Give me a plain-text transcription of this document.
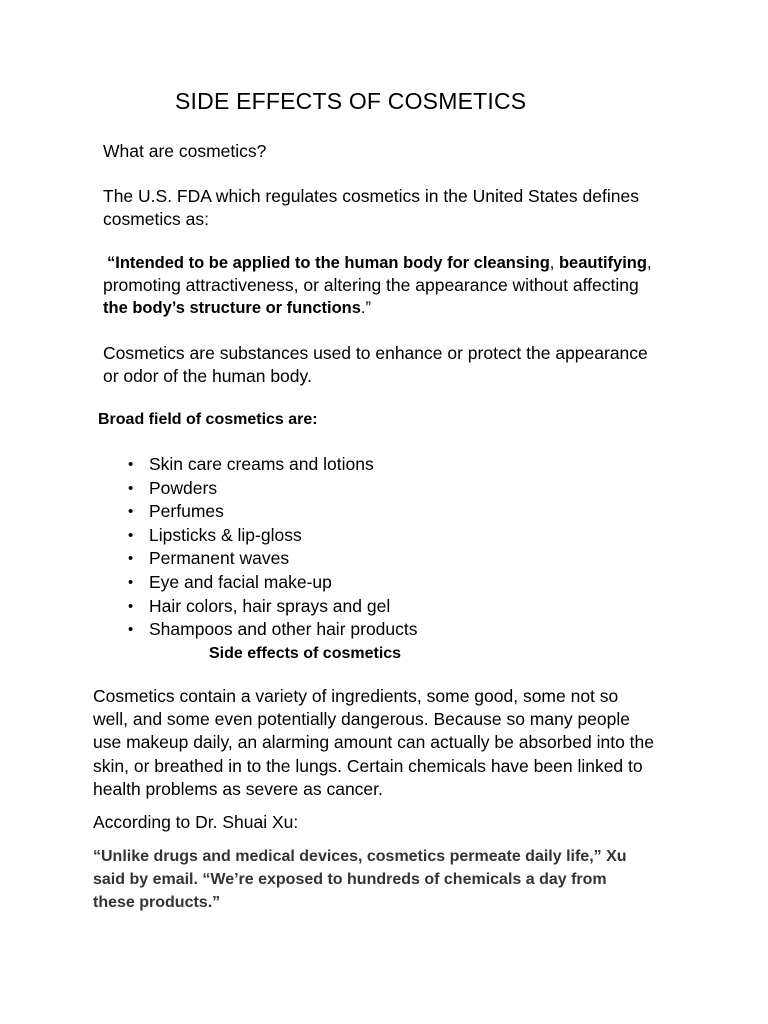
SIDE EFFECTS OF COSMETICS
What are cosmetics?
The U.S. FDA which regulates cosmetics in the United States defines
cosmetics as:
“Intended to be applied to the human body for cleansing, beautifying,
promoting attractiveness, or altering the appearance without affecting
the body’s structure or functions.”
Cosmetics are substances used to enhance or protect the appearance
or odor of the human body.
Broad field of cosmetics are:
• Skin care creams and lotions
• Powders
• Perfumes
• Lipsticks & lip-gloss
• Permanent waves
• Eye and facial make-up
• Hair colors, hair sprays and gel
• Shampoos and other hair products
Side effects of cosmetics
Cosmetics contain a variety of ingredients, some good, some not so
well, and some even potentially dangerous. Because so many people
use makeup daily, an alarming amount can actually be absorbed into the
skin, or breathed in to the lungs. Certain chemicals have been linked to
health problems as severe as cancer.
According to Dr. Shuai Xu:
“Unlike drugs and medical devices, cosmetics permeate daily life,” Xu
said by email. “We’re exposed to hundreds of chemicals a day from
these products.”
